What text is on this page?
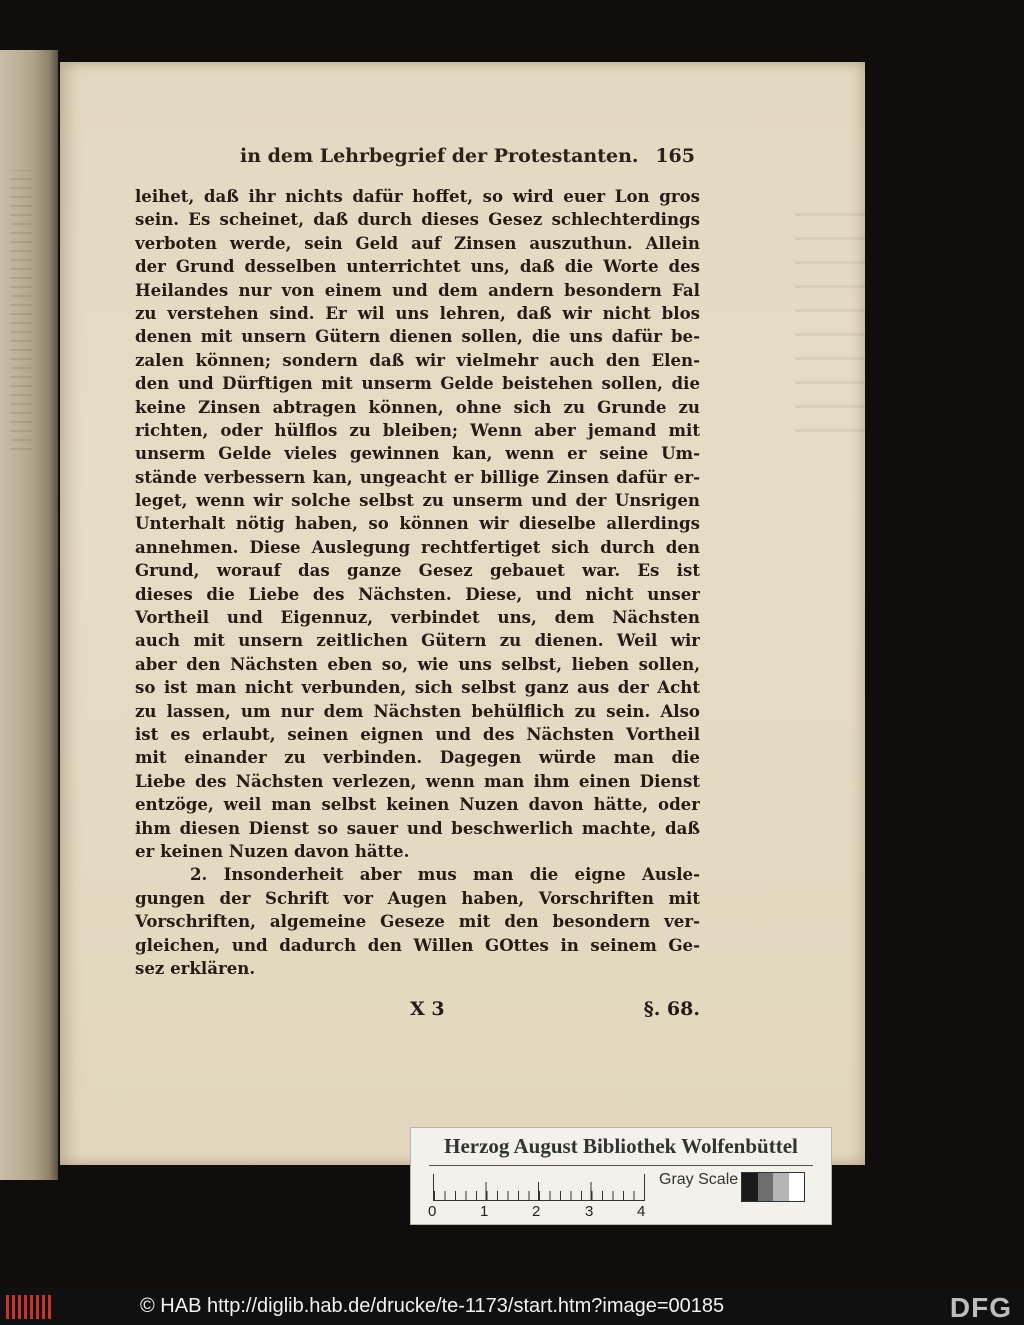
in dem Lehrbegrief der Protestanten. 165
leihet, daß ihr nichts dafür hoffet, so wird euer Lon gros
sein. Es scheinet, daß durch dieses Gesez schlechterdings
verboten werde, sein Geld auf Zinsen auszuthun. Allein
der Grund desselben unterrichtet uns, daß die Worte des
Heilandes nur von einem und dem andern besondern Fal
zu verstehen sind. Er wil uns lehren, daß wir nicht blos
denen mit unsern Gütern dienen sollen, die uns dafür be-
zalen können; sondern daß wir vielmehr auch den Elen-
den und Dürftigen mit unserm Gelde beistehen sollen, die
keine Zinsen abtragen können, ohne sich zu Grunde zu
richten, oder hülflos zu bleiben; Wenn aber jemand mit
unserm Gelde vieles gewinnen kan, wenn er seine Um-
stände verbessern kan, ungeacht er billige Zinsen dafür er-
leget, wenn wir solche selbst zu unserm und der Unsrigen
Unterhalt nötig haben, so können wir dieselbe allerdings
annehmen. Diese Auslegung rechtfertiget sich durch den
Grund, worauf das ganze Gesez gebauet war. Es ist
dieses die Liebe des Nächsten. Diese, und nicht unser
Vortheil und Eigennuz, verbindet uns, dem Nächsten
auch mit unsern zeitlichen Gütern zu dienen. Weil wir
aber den Nächsten eben so, wie uns selbst, lieben sollen,
so ist man nicht verbunden, sich selbst ganz aus der Acht
zu lassen, um nur dem Nächsten behülflich zu sein. Also
ist es erlaubt, seinen eignen und des Nächsten Vortheil
mit einander zu verbinden. Dagegen würde man die
Liebe des Nächsten verlezen, wenn man ihm einen Dienst
entzöge, weil man selbst keinen Nuzen davon hätte, oder
ihm diesen Dienst so sauer und beschwerlich machte, daß
er keinen Nuzen davon hätte.
2. Insonderheit aber mus man die eigne Ausle-
gungen der Schrift vor Augen haben, Vorschriften mit
Vorschriften, algemeine Geseze mit den besondern ver-
gleichen, und dadurch den Willen GOttes in seinem Ge-
sez erklären.
X 3	§. 68.
Herzog August Bibliothek Wolfenbüttel
0	1	2	3	4
Gray Scale
© HAB http://diglib.hab.de/drucke/te-1173/start.htm?image=00185	DFG
